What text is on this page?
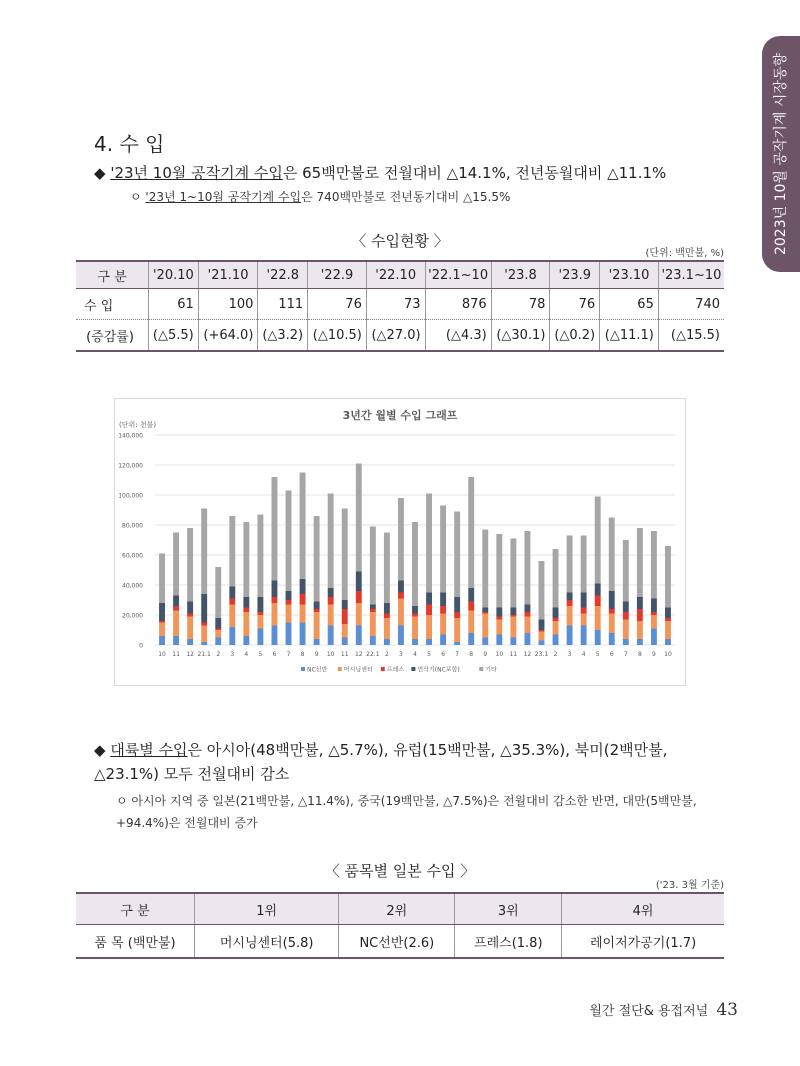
2023년 10월 공작기계 시장동향
4. 수 입
◆ '23년 10월 공작기계 수입은 65백만불로 전월대비 △14.1%, 전년동월대비 △11.1%
ㅇ '23년 1~10월 공작기계 수입은 740백만불로 전년동기대비 △15.5%
〈 수입현황 〉
(단위: 백만불, %)
구 분	'20.10	'21.10	'22.8	'22.9	'22.10	'22.1~10	'23.8	'23.9	'23.10	'23.1~10
수 입	61	100	111	76	73	876	78	76	65	740
(증감률)	(△5.5)	(+64.0)	(△3.2)	(△10.5)	(△27.0)	(△4.3)	(△30.1)	(△0.2)	(△11.1)	(△15.5)
3년간 월별 수입 그래프
(단위: 천불)
0
20,000
40,000
60,000
80,000
100,000
120,000
140,000
10 11 12 21.1 2 3 4 5 6 7 8 9 10 11 12 22.1 2 3 4 5 6 7 8 9 10 11 12 23.1 2 3 4 5 6 7 8 9 10
NC선반	머시닝센터 프레스 연삭기(NC포함)	기타
◆ 대륙별 수입은 아시아(48백만불, △5.7%), 유럽(15백만불, △35.3%), 북미(2백만불, △23.1%) 모두 전월대비 감소
ㅇ 아시아 지역 중 일본(21백만불, △11.4%), 중국(19백만불, △7.5%)은 전월대비 감소한 반면, 대만(5백만불, +94.4%)은 전월대비 증가
〈 품목별 일본 수입 〉
('23. 3월 기준)
구 분	1위	2위	3위	4위
품 목 (백만불)	머시닝센터(5.8)	NC선반(2.6)	프레스(1.8)	레이저가공기(1.7)
월간 절단& 용접저널 43
